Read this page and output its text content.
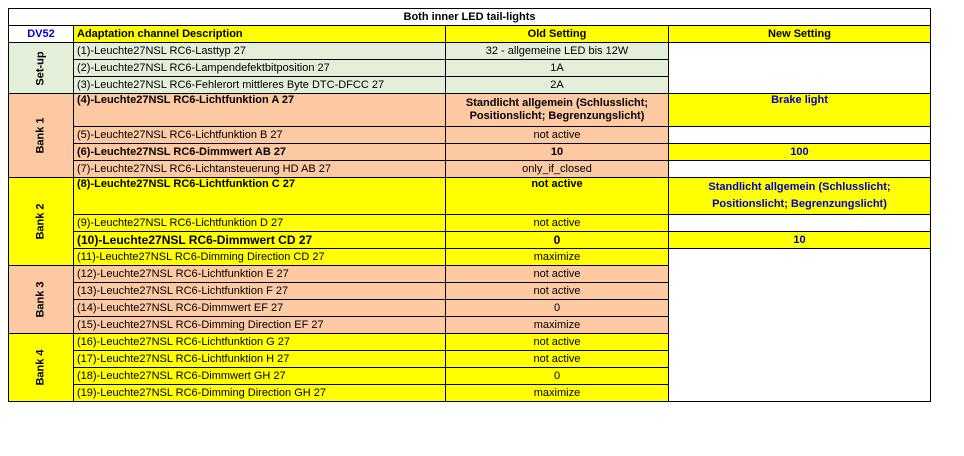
Both inner LED tail-lights			
DV52	Adaptation channel Description	Old Setting	New Setting
Set-up	(1)-Leuchte27NSL RC6-Lasttyp 27	32 - allgemeine LED bis 12W	
	(2)-Leuchte27NSL RC6-Lampendefektbitposition 27	1A	
	(3)-Leuchte27NSL RC6-Fehlerort mittleres Byte DTC-DFCC 27	2A	
Bank 1	(4)-Leuchte27NSL RC6-Lichtfunktion A 27	Standlicht allgemein (Schlusslicht; Positionslicht; Begrenzungslicht)	Brake light
	(5)-Leuchte27NSL RC6-Lichtfunktion B 27	not active	
	(6)-Leuchte27NSL RC6-Dimmwert AB 27	10	100
	(7)-Leuchte27NSL RC6-Lichtansteuerung HD AB 27	only_if_closed	
Bank 2	(8)-Leuchte27NSL RC6-Lichtfunktion C 27	not active	Standlicht allgemein (Schlusslicht; Positionslicht; Begrenzungslicht)
	(9)-Leuchte27NSL RC6-Lichtfunktion D 27	not active	
	(10)-Leuchte27NSL RC6-Dimmwert CD 27	0	10
	(11)-Leuchte27NSL RC6-Dimming Direction CD 27	maximize	
Bank 3	(12)-Leuchte27NSL RC6-Lichtfunktion E 27	not active	
	(13)-Leuchte27NSL RC6-Lichtfunktion F 27	not active	
	(14)-Leuchte27NSL RC6-Dimmwert EF 27	0	
	(15)-Leuchte27NSL RC6-Dimming Direction EF 27	maximize	
Bank 4	(16)-Leuchte27NSL RC6-Lichtfunktion G 27	not active	
	(17)-Leuchte27NSL RC6-Lichtfunktion H 27	not active	
	(18)-Leuchte27NSL RC6-Dimmwert GH 27	0	
	(19)-Leuchte27NSL RC6-Dimming Direction GH 27	maximize	
